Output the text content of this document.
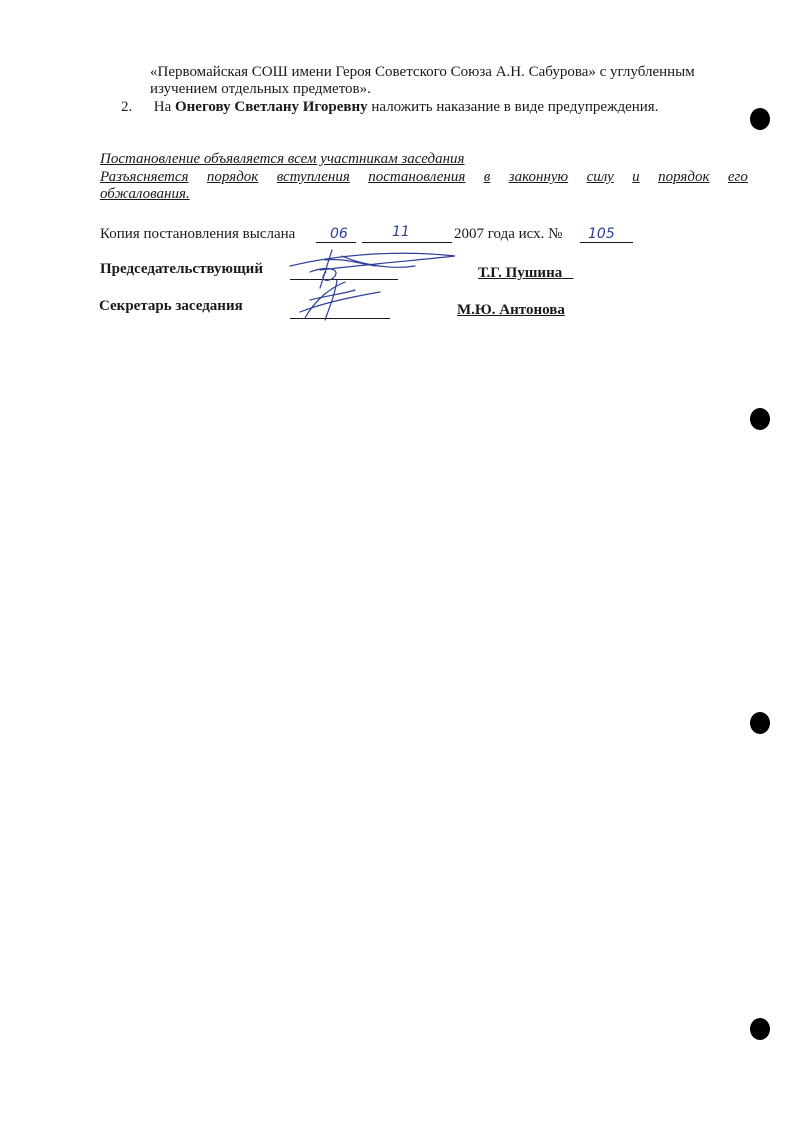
«Первомайская СОШ имени Героя Советского Союза А.Н. Сабурова» с углубленным
изучением отдельных предметов».
2. На Онегову Светлану Игоревну наложить наказание в виде предупреждения.
Постановление объявляется всем участникам заседания
Разъясняется порядок вступления постановления в законную силу и порядок его
обжалования.
Копия постановления выслана 06	11	2007 года исх. № 105
Председательствующий	Т.Г. Пушина
Секретарь заседания	М.Ю. Антонова
